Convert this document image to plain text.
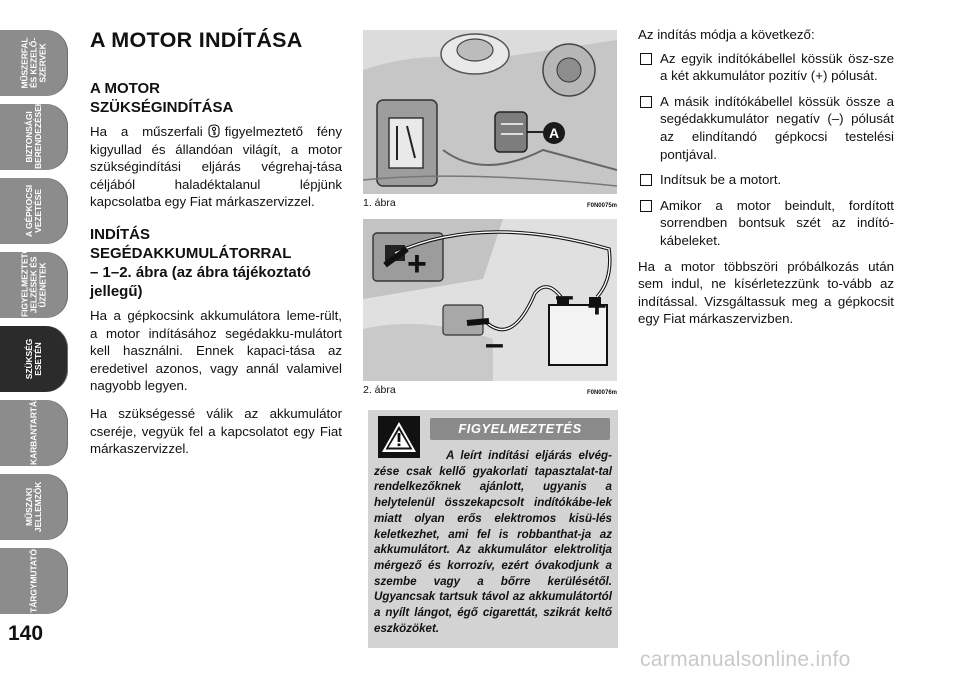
MŰSZERFAL
ÉS KEZELŐ-
SZERVEK
BIZTONSÁGI
BERENDEZÉSEK
A GÉPKOCSI
VEZETÉSE
FIGYELMEZTETŐ
JELZÉSEK ÉS
ÜZENETEK
SZÜKSÉG
ESETÉN
KARBANTARTÁS
MŰSZAKI
JELLEMZŐK
TÁRGYMUTATÓ
140
A MOTOR INDÍTÁSA
A MOTOR
SZÜKSÉGINDÍTÁSA

Ha a műszerfali figyelmeztető fény kigyullad és állandóan világít, a motor szükségindítási eljárás végrehaj-tása céljából haladéktalanul lépjünk kapcsolatba egy Fiat márkaszervizzel.

INDÍTÁS
SEGÉDAKKUMULÁTORRAL
– 1–2. ábra (az ábra tájékoztató jellegű)

Ha a gépkocsink akkumulátora leme-rült, a motor indításához segédakku-mulátort kell használni. Ennek kapaci-tása az eredetivel azonos, vagy annál valamivel nagyobb legyen.

Ha szükségessé válik az akkumulátor cseréje, vegyük fel a kapcsolatot egy Fiat márkaszervizzel.

A
1. ábra	F0N0075m
+
– +
–
2. ábra	F0N0076m
FIGYELMEZTETÉS

A leírt indítási eljárás elvég-zése csak kellő gyakorlati tapasztalat-tal rendelkezőknek ajánlott, ugyanis a helytelenül összekapcsolt indítókábe-lek miatt olyan erős elektromos kisü-lés keletkezhet, ami fel is robbanthat-ja az akkumulátort. Az akkumulátor elektrolitja mérgező és korrozív, ezért óvakodjunk a szembe vagy a bőrre kerülésétől. Ugyancsak tartsuk távol az akkumulátortól a nyílt lángot, égő cigarettát, szikrát keltő eszközöket.

Az indítás módja a következő:

Az egyik indítókábellel kössük ösz-sze a két akkumulátor pozitív (+) pólusát.
A másik indítókábellel kössük össze a segédakkumulátor negatív (–) pólusát az elindítandó gépkocsi testelési pontjával.
Indítsuk be a motort.
Amikor a motor beindult, fordított sorrendben bontsuk szét az indító-kábeleket.

Ha a motor többszöri próbálkozás után sem indul, ne kísérletezzünk to-vább az indítással. Vizsgáltassuk meg a gépkocsit egy Fiat márkaszervizben.

carmanualsonline.info
